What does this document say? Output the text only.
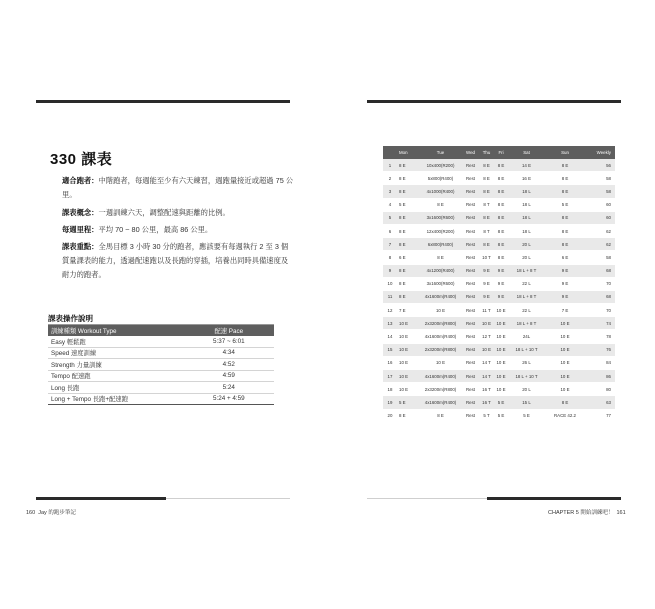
330 課表
適合跑者：中階跑者，每週能至少有六天練習，週跑量接近或超過 75 公里。
課表概念：一週訓練六天，調整配速與距離的比例。
每週里程：平均 70 ~ 80 公里，最高 86 公里。
課表重點：全馬目標 3 小時 30 分的跑者，應該要有每週執行 2 至 3 個質量課表的能力，透過配速跑以及長跑的穿插，培養出同時具備速度及耐力的跑者。
課表操作說明
訓練種類 Workout Type	配速 Pace
Easy 輕鬆跑	5:37 ~ 6:01
Speed 速度訓練	4:34
Strength 力量訓練	4:52
Tempo 配速跑	4:59
Long 長跑	5:24
Long + Tempo 長跑+配速跑	5:24 + 4:59
160 Jay 的跑步筆記
	Mon	Tue	Wed	Thu	Fri	Sat	Sun	Weekly
1	8 E	10x400(R200)	Rest	8 E	8 E	14 E	8 E	56
2	8 E	5x800(R400)	Rest	8 E	8 E	16 E	8 E	58
3	8 E	4x1000(R400)	Rest	8 E	8 E	18 L	8 E	58
4	5 E	8 E	Rest	8 T	8 E	18 L	5 E	60
5	8 E	3x1600(R600)	Rest	8 E	8 E	18 L	8 E	60
6	8 E	12x400(R200)	Rest	8 T	8 E	18 L	8 E	62
7	8 E	6x800(R400)	Rest	8 E	8 E	20 L	8 E	62
8	6 E	8 E	Rest	10 T	8 E	20 L	6 E	58
9	8 E	4x1200(R400)	Rest	9 E	9 E	18 L + 8 T	9 E	68
10	8 E	3x1600(R600)	Rest	9 E	9 E	22 L	9 E	70
11	8 E	4x1600m(R400)	Rest	9 E	9 E	18 L + 8 T	9 E	68
12	7 E	10 E	Rest	11 T	10 E	22 L	7 E	70
13	10 E	2x3200m(R800)	Rest	10 E	10 E	18 L + 8 T	10 E	74
14	10 E	4x1600m(R400)	Rest	12 T	10 E	24L	10 E	78
15	10 E	2x3200m(R800)	Rest	10 E	10 E	18 L + 10 T	10 E	76
16	10 E	10 E	Rest	14 T	10 E	26 L	10 E	84
17	10 E	4x1600m(R400)	Rest	14 T	10 E	18 L + 10 T	10 E	86
18	10 E	2x3200m(R800)	Rest	16 T	10 E	20 L	10 E	80
19	5 E	4x1600m(R400)	Rest	16 T	5 E	15 L	8 E	63
20	8 E	8 E	Rest	5 T	5 E	5 E	RACE 42.2	77
CHAPTER 5 開始訓練吧！ 161
